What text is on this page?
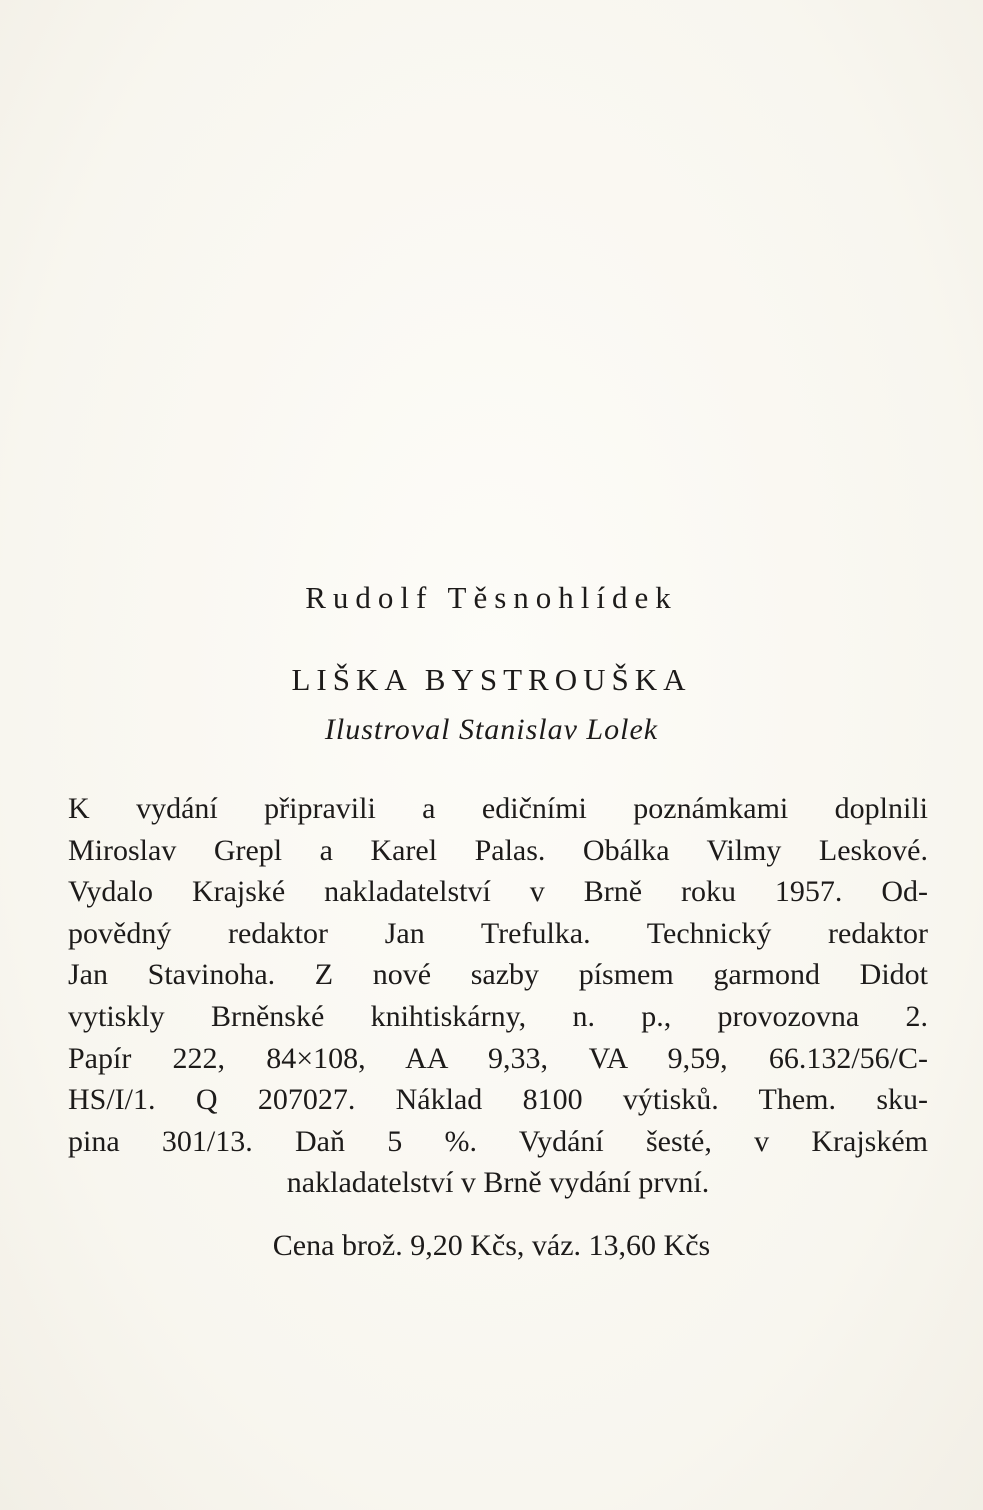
Rudolf Těsnohlídek
LIŠKA BYSTROUŠKA
Ilustroval Stanislav Lolek
K vydání připravili a edičními poznámkami doplnili
Miroslav Grepl a Karel Palas. Obálka Vilmy Leskové.
Vydalo Krajské nakladatelství v Brně roku 1957. Od-
povědný redaktor Jan Trefulka. Technický redaktor
Jan Stavinoha. Z nové sazby písmem garmond Didot
vytiskly Brněnské knihtiskárny, n. p., provozovna 2.
Papír 222, 84×108, AA 9,33, VA 9,59, 66.132/56/C-
HS/I/1. Q 207027. Náklad 8100 výtisků. Them. sku-
pina 301/13. Daň 5 %. Vydání šesté, v Krajském
nakladatelství v Brně vydání první.
Cena brož. 9,20 Kčs, váz. 13,60 Kčs
